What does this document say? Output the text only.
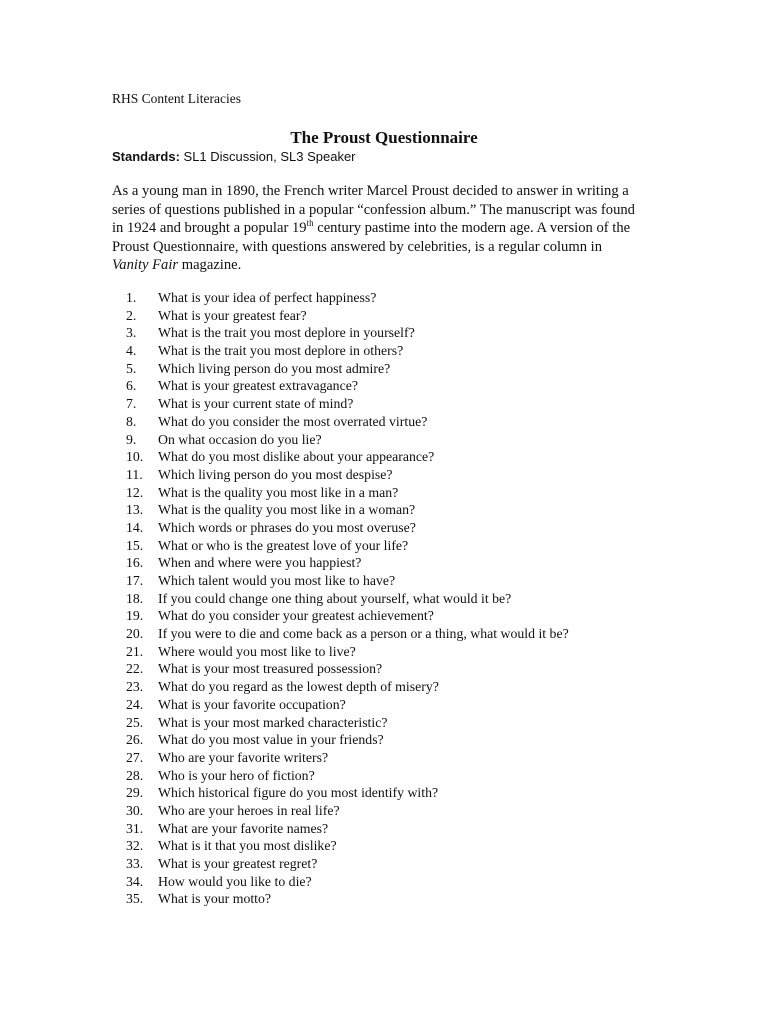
RHS Content Literacies
The Proust Questionnaire
Standards: SL1 Discussion, SL3 Speaker

As a young man in 1890, the French writer Marcel Proust decided to answer in writing a
series of questions published in a popular “confession album.” The manuscript was found
in 1924 and brought a popular 19th century pastime into the modern age. A version of the
Proust Questionnaire, with questions answered by celebrities, is a regular column in
Vanity Fair magazine.

1.	What is your idea of perfect happiness?
2.	What is your greatest fear?
3.	What is the trait you most deplore in yourself?
4.	What is the trait you most deplore in others?
5.	Which living person do you most admire?
6.	What is your greatest extravagance?
7.	What is your current state of mind?
8.	What do you consider the most overrated virtue?
9.	On what occasion do you lie?
10.	What do you most dislike about your appearance?
11.	Which living person do you most despise?
12.	What is the quality you most like in a man?
13.	What is the quality you most like in a woman?
14.	Which words or phrases do you most overuse?
15.	What or who is the greatest love of your life?
16.	When and where were you happiest?
17.	Which talent would you most like to have?
18.	If you could change one thing about yourself, what would it be?
19.	What do you consider your greatest achievement?
20.	If you were to die and come back as a person or a thing, what would it be?
21.	Where would you most like to live?
22.	What is your most treasured possession?
23.	What do you regard as the lowest depth of misery?
24.	What is your favorite occupation?
25.	What is your most marked characteristic?
26.	What do you most value in your friends?
27.	Who are your favorite writers?
28.	Who is your hero of fiction?
29.	Which historical figure do you most identify with?
30.	Who are your heroes in real life?
31.	What are your favorite names?
32.	What is it that you most dislike?
33.	What is your greatest regret?
34.	How would you like to die?
35.	What is your motto?
